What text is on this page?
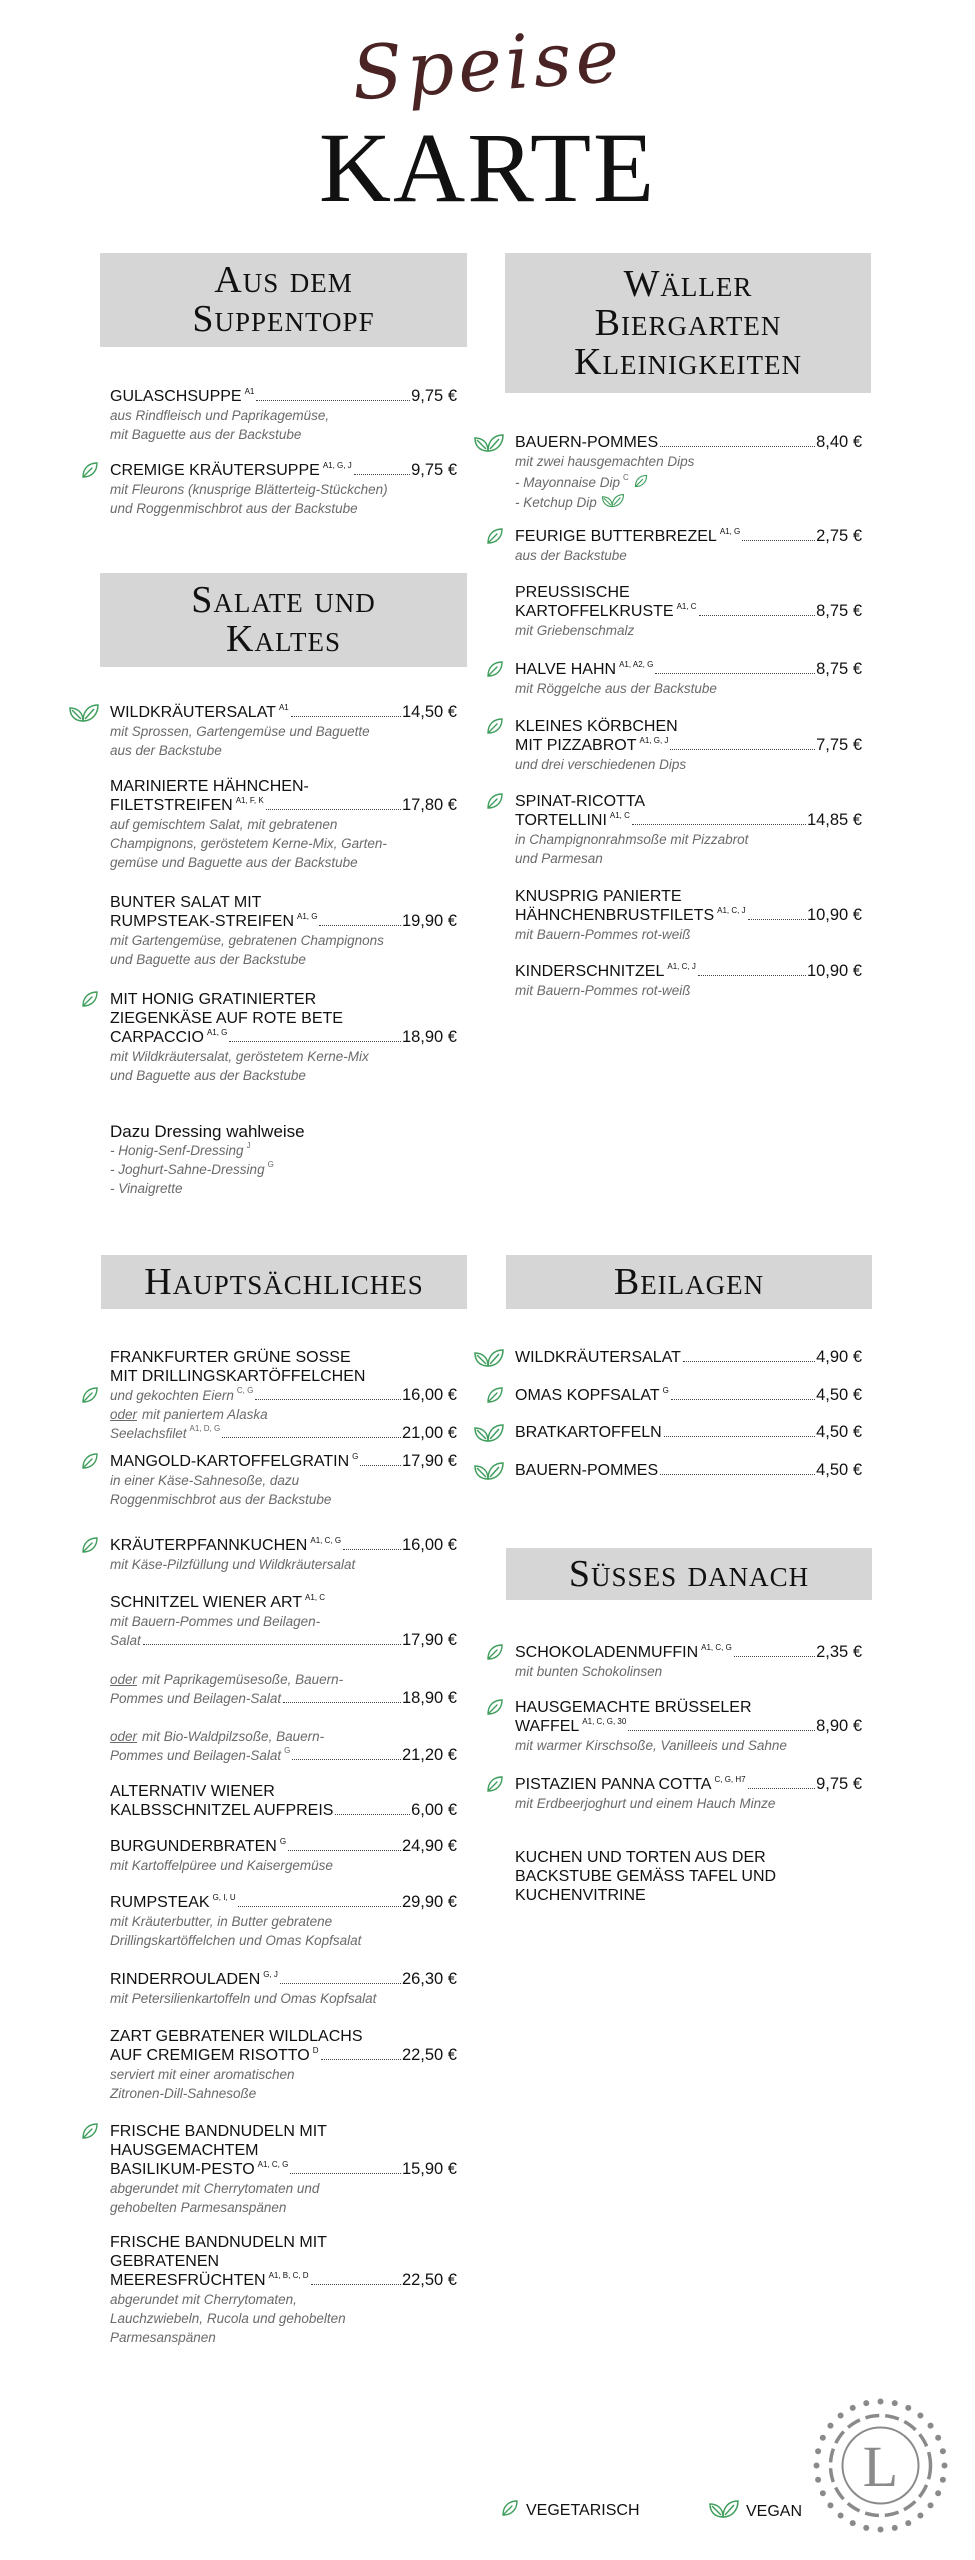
Speise
KARTE
Aus dem
Suppentopf
GULASCHSUPPE A1	9,75 €
aus Rindfleisch und Paprikagemüse,
mit Baguette aus der Backstube
CREMIGE KRÄUTERSUPPE A1, G, J	9,75 €
mit Fleurons (knusprige Blätterteig-Stückchen)
und Roggenmischbrot aus der Backstube
Salate und
Kaltes
WILDKRÄUTERSALAT A1	14,50 €
mit Sprossen, Gartengemüse und Baguette
aus der Backstube
MARINIERTE HÄHNCHEN-
FILETSTREIFEN A1, F, K	17,80 €
auf gemischtem Salat, mit gebratenen
Champignons, geröstetem Kerne-Mix, Garten-
gemüse und Baguette aus der Backstube
BUNTER SALAT MIT
RUMPSTEAK-STREIFEN A1, G	19,90 €
mit Gartengemüse, gebratenen Champignons
und Baguette aus der Backstube
MIT HONIG GRATINIERTER
ZIEGENKÄSE AUF ROTE BETE
CARPACCIO A1, G	18,90 €
mit Wildkräutersalat, geröstetem Kerne-Mix
und Baguette aus der Backstube
Dazu Dressing wahlweise
- Honig-Senf-Dressing J
- Joghurt-Sahne-Dressing G
- Vinaigrette
Hauptsächliches
FRANKFURTER GRÜNE SOSSE
MIT DRILLINGSKARTÖFFELCHEN
und gekochten Eiern C, G	16,00 €
oder mit paniertem Alaska
Seelachsfilet A1, D, G	21,00 €
MANGOLD-KARTOFFELGRATIN G	17,90 €
in einer Käse-Sahnesoße, dazu
Roggenmischbrot aus der Backstube
KRÄUTERPFANNKUCHEN A1, C, G	16,00 €
mit Käse-Pilzfüllung und Wildkräutersalat
SCHNITZEL WIENER ART A1, C
mit Bauern-Pommes und Beilagen-
Salat	17,90 €
oder mit Paprikagemüsesoße, Bauern-
Pommes und Beilagen-Salat	18,90 €
oder mit Bio-Waldpilzsoße, Bauern-
Pommes und Beilagen-Salat G	21,20 €
ALTERNATIV WIENER
KALBSSCHNITZEL AUFPREIS	6,00 €
BURGUNDERBRATEN G	24,90 €
mit Kartoffelpüree und Kaisergemüse
RUMPSTEAK G, I, U	29,90 €
mit Kräuterbutter, in Butter gebratene
Drillingskartöffelchen und Omas Kopfsalat
RINDERROULADEN G, J	26,30 €
mit Petersilienkartoffeln und Omas Kopfsalat
ZART GEBRATENER WILDLACHS
AUF CREMIGEM RISOTTO D	22,50 €
serviert mit einer aromatischen
Zitronen-Dill-Sahnesoße
FRISCHE BANDNUDELN MIT
HAUSGEMACHTEM
BASILIKUM-PESTO A1, C, G	15,90 €
abgerundet mit Cherrytomaten und
gehobelten Parmesanspänen
FRISCHE BANDNUDELN MIT
GEBRATENEN
MEERESFRÜCHTEN A1, B, C, D	22,50 €
abgerundet mit Cherrytomaten,
Lauchzwiebeln, Rucola und gehobelten
Parmesanspänen
Wäller
Biergarten
Kleinigkeiten
BAUERN-POMMES	8,40 €
mit zwei hausgemachten Dips
- Mayonnaise Dip C
- Ketchup Dip
FEURIGE BUTTERBREZEL A1, G	2,75 €
aus der Backstube
PREUSSISCHE
KARTOFFELKRUSTE A1, C	8,75 €
mit Griebenschmalz
HALVE HAHN A1, A2, G	8,75 €
mit Röggelche aus der Backstube
KLEINES KÖRBCHEN
MIT PIZZABROT A1, G, J	7,75 €
und drei verschiedenen Dips
SPINAT-RICOTTA
TORTELLINI A1, C	14,85 €
in Champignonrahmsoße mit Pizzabrot
und Parmesan
KNUSPRIG PANIERTE
HÄHNCHENBRUSTFILETS A1, C, J	10,90 €
mit Bauern-Pommes rot-weiß
KINDERSCHNITZEL A1, C, J	10,90 €
mit Bauern-Pommes rot-weiß
Beilagen
WILDKRÄUTERSALAT	4,90 €
OMAS KOPFSALAT G	4,50 €
BRATKARTOFFELN	4,50 €
BAUERN-POMMES	4,50 €
Süsses danach
SCHOKOLADENMUFFIN A1, C, G	2,35 €
mit bunten Schokolinsen
HAUSGEMACHTE BRÜSSELER
WAFFEL A1, C, G, 30	8,90 €
mit warmer Kirschsoße, Vanilleeis und Sahne
PISTAZIEN PANNA COTTA C, G, H7	9,75 €
mit Erdbeerjoghurt und einem Hauch Minze
KUCHEN UND TORTEN AUS DER
BACKSTUBE GEMÄSS TAFEL UND
KUCHENVITRINE
VEGETARISCH	VEGAN
L
